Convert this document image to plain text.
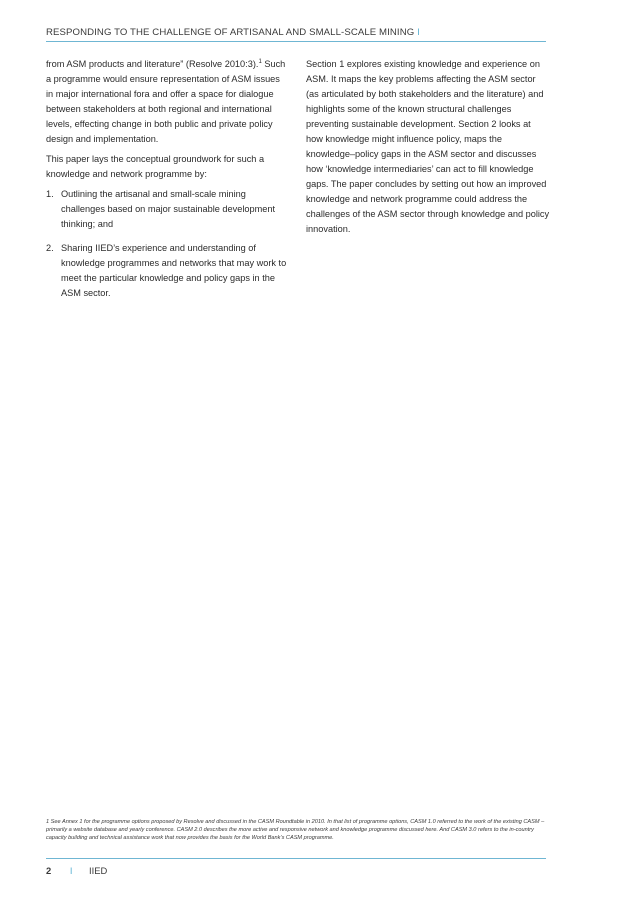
RESPONDING TO THE CHALLENGE OF ARTISANAL AND SMALL-SCALE MINING I

from ASM products and literature” (Resolve 2010:3).$^1$ Such a programme would ensure representation of ASM issues in major international fora and offer a space for dialogue between stakeholders at both regional and international levels, effecting change in both public and private policy design and implementation.

This paper lays the conceptual groundwork for such a knowledge and network programme by:

1. Outlining the artisanal and small-scale mining challenges based on major sustainable development thinking; and
2. Sharing IIED’s experience and understanding of knowledge programmes and networks that may work to meet the particular knowledge and policy gaps in the ASM sector.

Section 1 explores existing knowledge and experience on ASM. It maps the key problems affecting the ASM sector (as articulated by both stakeholders and the literature) and highlights some of the known structural challenges preventing sustainable development. Section 2 looks at how knowledge might influence policy, maps the knowledge–policy gaps in the ASM sector and discusses how ‘knowledge intermediaries’ can act to fill knowledge gaps. The paper concludes by setting out how an improved knowledge and network programme could address the challenges of the ASM sector through knowledge and policy innovation.

1 See Annex 1 for the programme options proposed by Resolve and discussed in the CASM Roundtable in 2010. In that list of programme options, CASM 1.0 referred to the work of the existing CASM – primarily a website database and yearly conference. CASM 2.0 describes the more active and responsive network and knowledge programme discussed here. And CASM 3.0 refers to the in-country capacity building and technical assistance work that now provides the basis for the World Bank’s CASM programme.
2 I IIED
